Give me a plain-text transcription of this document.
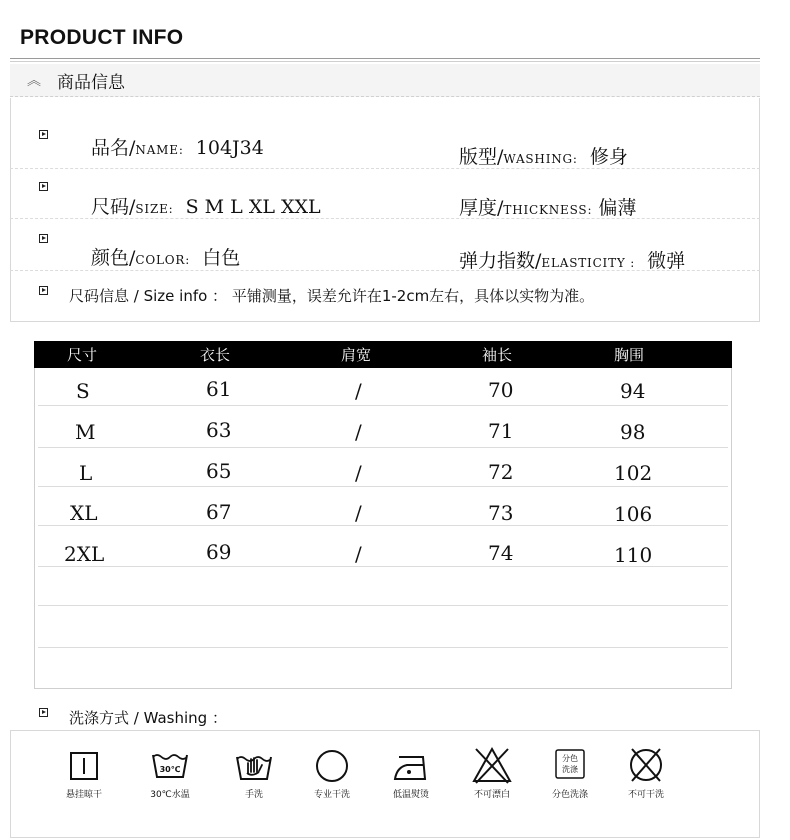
PRODUCT INFO
︽ 商品信息
品名/NAME: 104J34	版型/WASHING: 修身
尺码/SIZE: S M L XL XXL	厚度/THICKNESS: 偏薄
颜色/COLOR: 白色	弹力指数/ELASTICITY : 微弹
尺码信息 / Size info ： 平铺测量，误差允许在1-2cm左右，具体以实物为准。
尺寸	衣长	肩宽	袖长	胸围
S	61	/	70	94
M	63	/	71	98
L	65	/	72	102
XL	67	/	73	106
2XL	69	/	74	110
洗涤方式 / Washing ：
悬挂晾干
30℃
30℃水温	手洗	专业干洗	低温熨烫	不可漂白
分色
洗涤
分色洗涤	不可干洗
